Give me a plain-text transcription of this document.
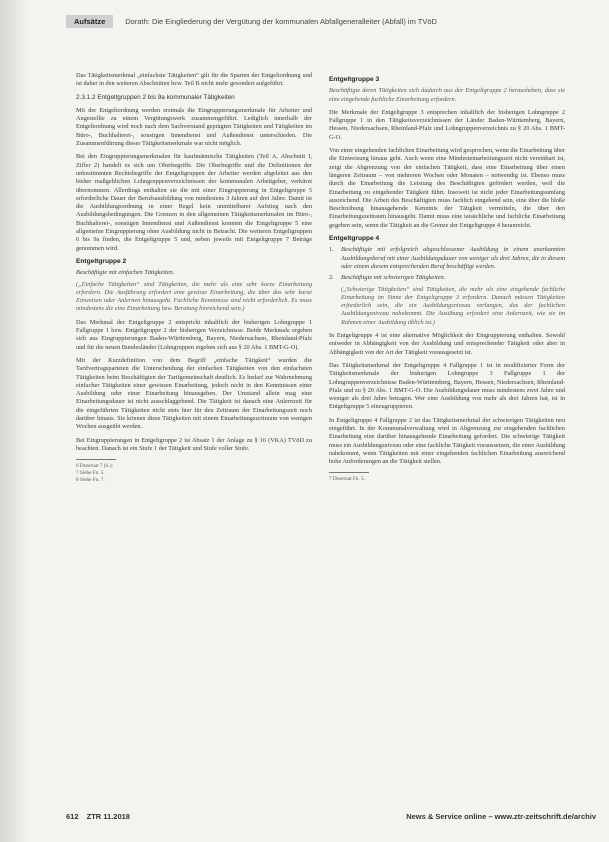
Aufsätze	Dorath: Die Eingliederung der Vergütung der kommunalen Abfallgeneralleiter (Abfall) im TVöD

Das Tätigkeitsmerkmal „einfachste Tätigkeiten“ gilt für die Sparten der Entgeltordnung und ist daher in den weiteren Abschnitten bzw. Teil B nicht mehr gesondert aufgeführt.

2.3.1.2 Entgeltgruppen 2 bis 9a kommunaler Tätigkeiten

Mit der Entgeltordnung werden erstmals die Eingruppierungsmerkmale für Arbeiter und Angestellte zu einem Vergütungswerk zusammengeführt. Lediglich innerhalb der Entgeltordnung wird noch nach dem Sachverstand geprägten Tätigkeiten und Tätigkeiten im Büro-, Buchhalterei-, sonstigen Innendienst und Außendienst unterschieden. Die Zusammenführung dieser Tätigkeitsmerkmale war nicht möglich.

Bei den Eingruppierungsmerkmalen für kaufmännische Tätigkeiten (Teil A, Abschnitt I, Ziffer 2) handelt es sich um Oberbegriffe. Die Oberbegriffe und die Definitionen der unbestimmten Rechtsbegriffe der Entgeltgruppen der Arbeiter werden abgeleitet aus den bisher maßgeblichen Lohngruppenverzeichnissen der kommunalen Arbeitgeber, verkürzt übernommen. Allerdings enthalten sie die mit einer Eingruppierung in Entgeltgruppe 5 erforderliche Dauer der Berufsausbildung von mindestens 3 Jahren auf drei Jahre. Damit ist die Ausbildungsordnung in einer Regel kein unmittelbarer Aufstieg nach den Ausbildungsbedingungen. Die Grenzen in den allgemeinen Tätigkeitsmerkmalen im Büro-, Buchhalterei-, sonstigen Innendienst und Außendienst konnten die Entgeltgruppe 5 eine allgemeine Eingruppierung ohne Ausbildung nicht in Betracht. Die weiteren Entgeltgruppen 6 bis 9a finden, die Entgeltgruppe 5 und, neben jeweils mit Entgeltgruppe 7 Beträge genommen wird.

Entgeltgruppe 2
Beschäftigte mit einfachen Tätigkeiten.
(„Einfache Tätigkeiten“ sind Tätigkeiten, die mehr als eine sehr kurze Einarbeitung erfordern. Die Ausführung erfordert eine gewisse Einarbeitung, die über das sehr kurze Einweisen oder Anlernen hinausgeht. Fachliche Kenntnisse sind nicht erforderlich. Es muss mindestens die eine Einarbeitung bzw. Beratung hinreichend sein.)

Das Merkmal der Entgeltgruppe 2 entspricht inhaltlich der bisherigen Lohngruppe 1 Fallgruppe 1 bzw. Entgeltgruppe 2 der bisherigen Verzeichnisse. Beide Merkmale ergeben sich aus Eingruppierungen Baden-Württemberg, Bayern, Niedersachsen, Rheinland-Pfalz und für die neuen Bundesländer (Lohngruppen ergeben sich aus § 20 Abs. 1 BMT-G-O).

Mit der Kurzdefinition von dem Begriff „einfache Tätigkeit“ wurden die Tarifvertragsparteien die Unterscheidung der einfachen Tätigkeiten von den einfachsten Tätigkeiten beim Beschäftigten der Tarifgemeinschaft deutlich. Es bedarf zur Wahrnehmung einfacher Tätigkeiten einer gewissen Einarbeitung, jedoch nicht in den Kenntnissen einer Ausbildung oder einer Einarbeitung hinausgehen. Der Umstand allein mag eine Einarbeitungsdauer ist nicht ausschlaggebend. Die Tätigkeit ist danach eine Anlernzeit für die eingeführten Tätigkeiten nicht stets hier für den Zeitraum der Einarbeitungszeit noch darüber hinaus. Sie können diese Tätigkeiten mit einem Einarbeitungszeitraum von wenigen Wochen ausgeübt werden.

Bei Eingruppierungen in Entgeltgruppe 2 ist Absatz 1 der Anlage zu § 16 (VKA) TVöD zu beachten. Danach ist ein Stufe 1 der Tätigkeit und Stufe voller Stufe.

6 Dezernat 7 (S.);
7 Siehe Fn. 5.
8 Siehe Fn. 7.
Entgeltgruppe 3
Beschäftigte deren Tätigkeiten sich dadurch aus der Entgeltgruppe 2 herausheben, dass sie eine eingehende fachliche Einarbeitung erfordern.

Die Merkmale der Entgeltgruppe 3 entsprechen inhaltlich der bisherigen Lohngruppe 2 Fallgruppe 1 in den Tätigkeitsverzeichnissen der Länder Baden-Württemberg, Bayern, Hessen, Niedersachsen, Rheinland-Pfalz und Lohngruppenverzeichnis zu § 20 Abs. 1 BMT-G-O.

Von einer eingehenden fachlichen Einarbeitung wird gesprochen, wenn die Einarbeitung über die Einweisung hinaus geht. Auch wenn eine Mindesteinarbeitungszeit nicht vereinbart ist, zeigt die Abgrenzung von der einfachen Tätigkeit, dass eine Einarbeitung über einen längeren Zeitraum – von mehreren Wochen oder Monaten – notwendig ist. Ebenso muss durch die Einarbeitung die Leistung des Beschäftigten gefördert werden, weil die Einarbeitung zu eingehender Tätigkeit führt. Insoweit ist nicht jeder Einarbeitungsumfang ausreichend. Die Arbeit des Beschäftigten muss fachlich eingehend sein, eine über die bloße Beschreibung hinausgehende Kenntnis der Tätigkeit vermitteln, die über den Einarbeitungszeitraum hinausgeht. Damit muss eine tatsächliche und fachliche Einarbeitung gegeben sein, wenn die Tätigkeit an die Grenze der Entgeltgruppe 4 heranreicht.

Entgeltgruppe 4
1.	Beschäftigte mit erfolgreich abgeschlossener Ausbildung in einem anerkannten Ausbildungsberuf mit einer Ausbildungsdauer von weniger als drei Jahren, die in diesem oder einem diesem entsprechenden Beruf beschäftigt werden.
2.	Beschäftigte mit schwierigen Tätigkeiten.
(„Schwierige Tätigkeiten“ sind Tätigkeiten, die mehr als eine eingehende fachliche Einarbeitung im Sinne der Entgeltgruppe 3 erfordern. Danach müssen Tätigkeiten erforderlich sein, die ein Ausbildungsniveau verlangen, das der fachlichen Ausbildungsniveau nahekommt. Die Ausübung erfordert eine Anlernzeit, wie sie im Rahmen einer Ausbildung üblich ist.)

In Entgeltgruppe 4 ist eine alternative Möglichkeit der Eingruppierung enthalten. Sowohl entweder in Abhängigkeit von der Ausbildung und entsprechender Tätigkeit oder aber in Abhängigkeit von der Art der Tätigkeit vorausgesetzt ist.

Das Tätigkeitsmerkmal der Entgeltgruppe 4 Fallgruppe 1 ist in modifizierter Form der Tätigkeitsmerkmale der bisherigen Lohngruppe 3 Fallgruppe 1 der Lohngruppenverzeichnisse Baden-Württemberg, Bayern, Hessen, Niedersachsen, Rheinland-Pfalz und zu § 20 Abs. 1 BMT-G-O. Die Ausbildungsdauer muss mindestens zwei Jahre und weniger als drei Jahre betragen. Wer eine Ausbildung von mehr als drei Jahren hat, ist in Entgeltgruppe 5 einzugruppieren.

In Entgeltgruppe 4 Fallgruppe 2 ist das Tätigkeitsmerkmal der schwierigen Tätigkeiten neu eingeführt. In der Kommunalverwaltung wird in Abgrenzung zur eingehenden fachlichen Einarbeitung eine darüber hinausgehende Einarbeitung gefordert. Die schwierige Tätigkeit muss ein Ausbildungsniveau oder eine fachliche Tätigkeit voraussetzen, die einer Ausbildung nahekommt, wenn Tätigkeiten mit einer eingehenden fachlichen Einarbeitung ausreichend hohe Anforderungen an die Tätigkeit stellen.

7 Dezernat Fn. 5.
612 ZTR 11.2018	News & Service online – www.ztr-zeitschrift.de/archiv
